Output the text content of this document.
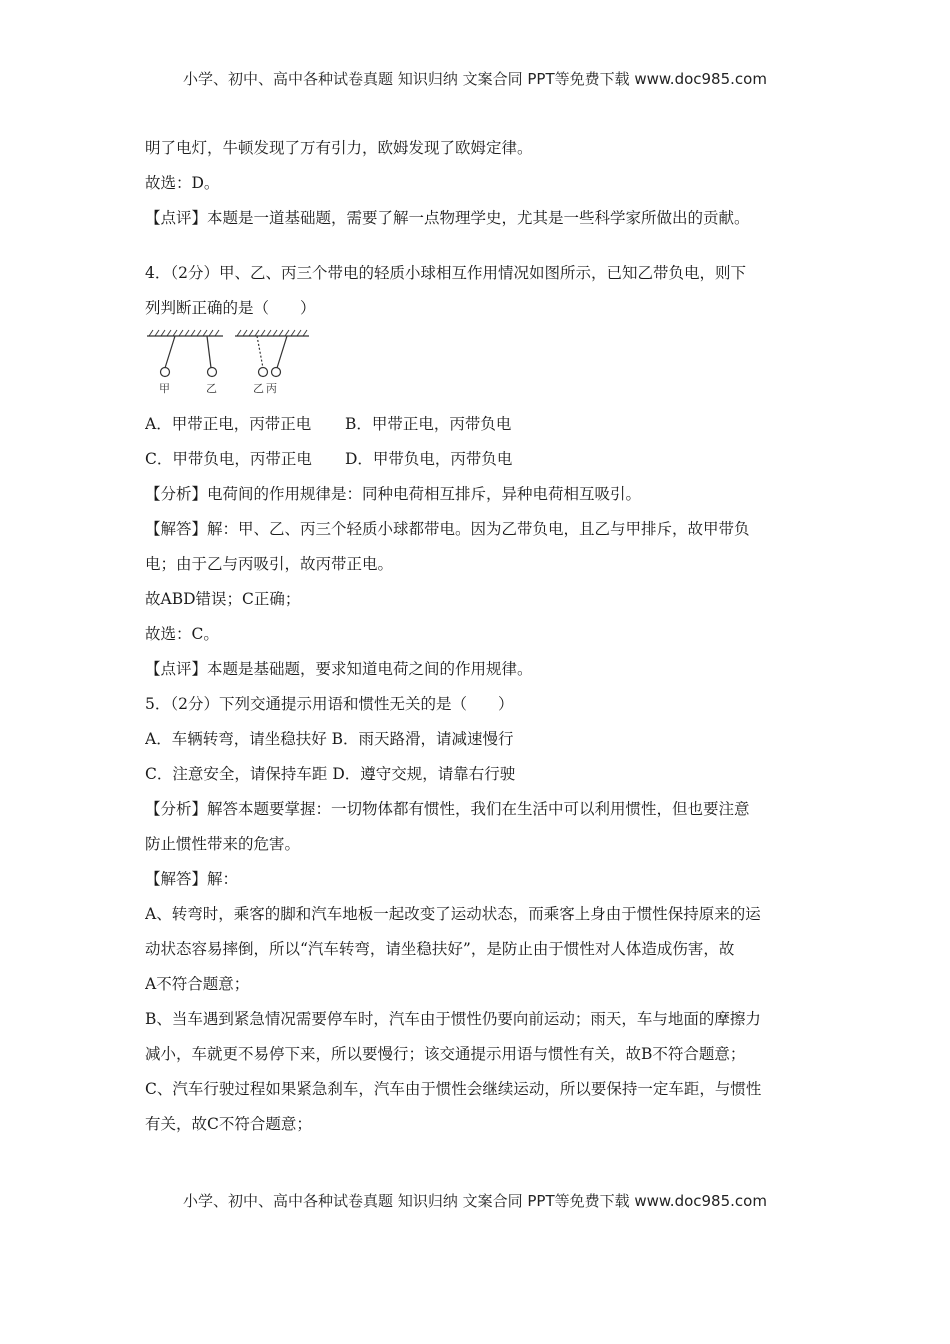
小学、初中、高中各种试卷真题 知识归纳 文案合同 PPT等免费下载 www.doc985.com
明了电灯，牛顿发现了万有引力，欧姆发现了欧姆定律。
故选：D。
【点评】本题是一道基础题，需要了解一点物理学史，尤其是一些科学家所做出的贡献。
4．（2分）甲、乙、丙三个带电的轻质小球相互作用情况如图所示，已知乙带负电，则下
列判断正确的是（　　）
甲	乙	乙 丙
A．甲带正电，丙带正电 B．甲带正电，丙带负电
C．甲带负电，丙带正电 D．甲带负电，丙带负电
【分析】电荷间的作用规律是：同种电荷相互排斥，异种电荷相互吸引。
【解答】解：甲、乙、丙三个轻质小球都带电。因为乙带负电，且乙与甲排斥，故甲带负
电；由于乙与丙吸引，故丙带正电。
故ABD错误；C正确；
故选：C。
【点评】本题是基础题，要求知道电荷之间的作用规律。
5．（2分）下列交通提示用语和惯性无关的是（　　）
A．车辆转弯，请坐稳扶好 B．雨天路滑，请减速慢行
C．注意安全，请保持车距 D．遵守交规，请靠右行驶
【分析】解答本题要掌握：一切物体都有惯性，我们在生活中可以利用惯性，但也要注意
防止惯性带来的危害。
【解答】解：
A、转弯时，乘客的脚和汽车地板一起改变了运动状态，而乘客上身由于惯性保持原来的运
动状态容易摔倒，所以“汽车转弯，请坐稳扶好”，是防止由于惯性对人体造成伤害，故
A不符合题意；
B、当车遇到紧急情况需要停车时，汽车由于惯性仍要向前运动；雨天，车与地面的摩擦力
减小，车就更不易停下来，所以要慢行；该交通提示用语与惯性有关，故B不符合题意；
C、汽车行驶过程如果紧急刹车，汽车由于惯性会继续运动，所以要保持一定车距，与惯性
有关，故C不符合题意；
小学、初中、高中各种试卷真题 知识归纳 文案合同 PPT等免费下载 www.doc985.com
